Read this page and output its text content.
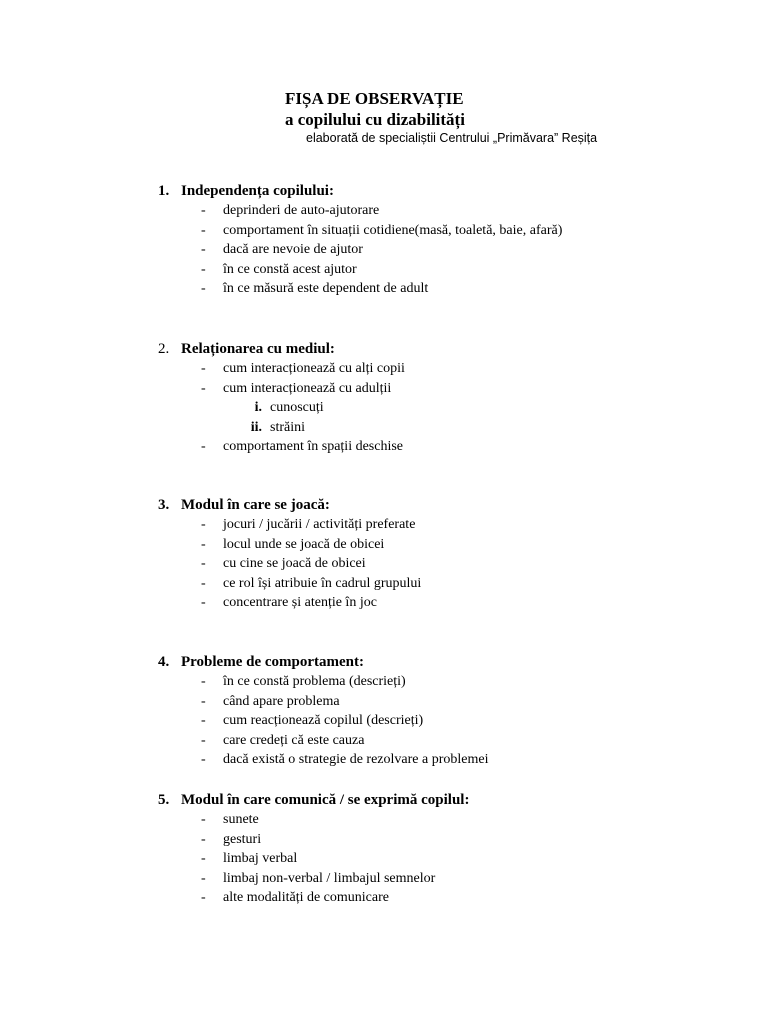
FIȘA DE OBSERVAȚIE
a copilului cu dizabilități
elaborată de specialiștii Centrului „Primăvara” Reșița
1. Independența copilului:
- deprinderi de auto-ajutorare
- comportament în situații cotidiene(masă, toaletă, baie, afară)
- dacă are nevoie de ajutor
- în ce constă acest ajutor
- în ce măsură este dependent de adult
2. Relaționarea cu mediul:
- cum interacționează cu alți copii
- cum interacționează cu adulții
i. cunoscuți
ii. străini
- comportament în spații deschise
3. Modul în care se joacă:
- jocuri / jucării / activități preferate
- locul unde se joacă de obicei
- cu cine se joacă de obicei
- ce rol își atribuie în cadrul grupului
- concentrare și atenție în joc
4. Probleme de comportament:
- în ce constă problema (descrieți)
- când apare problema
- cum reacționează copilul (descrieți)
- care credeți că este cauza
- dacă există o strategie de rezolvare a problemei
5. Modul în care comunică / se exprimă copilul:
- sunete
- gesturi
- limbaj verbal
- limbaj non-verbal / limbajul semnelor
- alte modalități de comunicare
